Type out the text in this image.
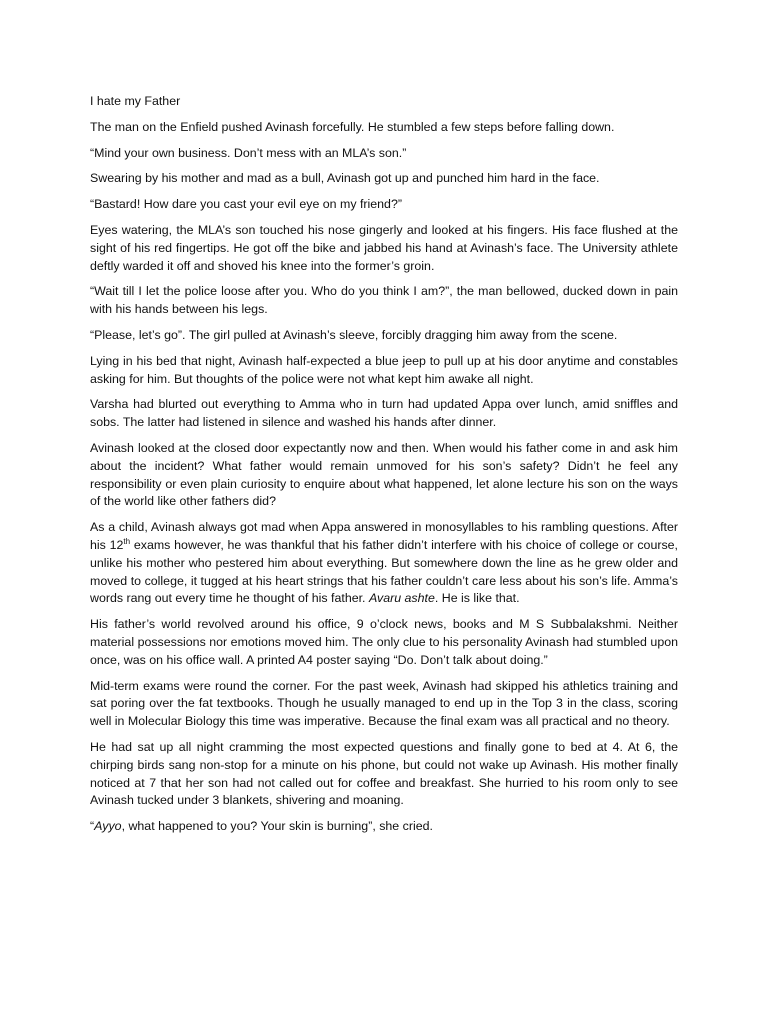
I hate my Father

The man on the Enfield pushed Avinash forcefully. He stumbled a few steps before falling down.

“Mind your own business. Don’t mess with an MLA’s son.”

Swearing by his mother and mad as a bull, Avinash got up and punched him hard in the face.

“Bastard! How dare you cast your evil eye on my friend?”

Eyes watering, the MLA’s son touched his nose gingerly and looked at his fingers. His face flushed at the sight of his red fingertips. He got off the bike and jabbed his hand at Avinash’s face. The University athlete deftly warded it off and shoved his knee into the former’s groin.

“Wait till I let the police loose after you. Who do you think I am?”, the man bellowed, ducked down in pain with his hands between his legs.

“Please, let’s go”. The girl pulled at Avinash’s sleeve, forcibly dragging him away from the scene.

Lying in his bed that night, Avinash half-expected a blue jeep to pull up at his door anytime and constables asking for him. But thoughts of the police were not what kept him awake all night.

Varsha had blurted out everything to Amma who in turn had updated Appa over lunch, amid sniffles and sobs. The latter had listened in silence and washed his hands after dinner.

Avinash looked at the closed door expectantly now and then. When would his father come in and ask him about the incident? What father would remain unmoved for his son’s safety? Didn’t he feel any responsibility or even plain curiosity to enquire about what happened, let alone lecture his son on the ways of the world like other fathers did?

As a child, Avinash always got mad when Appa answered in monosyllables to his rambling questions. After his 12th exams however, he was thankful that his father didn’t interfere with his choice of college or course, unlike his mother who pestered him about everything. But somewhere down the line as he grew older and moved to college, it tugged at his heart strings that his father couldn’t care less about his son’s life. Amma’s words rang out every time he thought of his father. Avaru ashte. He is like that.

His father’s world revolved around his office, 9 o’clock news, books and M S Subbalakshmi. Neither material possessions nor emotions moved him. The only clue to his personality Avinash had stumbled upon once, was on his office wall. A printed A4 poster saying “Do. Don’t talk about doing.”

Mid-term exams were round the corner. For the past week, Avinash had skipped his athletics training and sat poring over the fat textbooks. Though he usually managed to end up in the Top 3 in the class, scoring well in Molecular Biology this time was imperative. Because the final exam was all practical and no theory.

He had sat up all night cramming the most expected questions and finally gone to bed at 4. At 6, the chirping birds sang non-stop for a minute on his phone, but could not wake up Avinash. His mother finally noticed at 7 that her son had not called out for coffee and breakfast. She hurried to his room only to see Avinash tucked under 3 blankets, shivering and moaning.

“Ayyo, what happened to you? Your skin is burning”, she cried.
